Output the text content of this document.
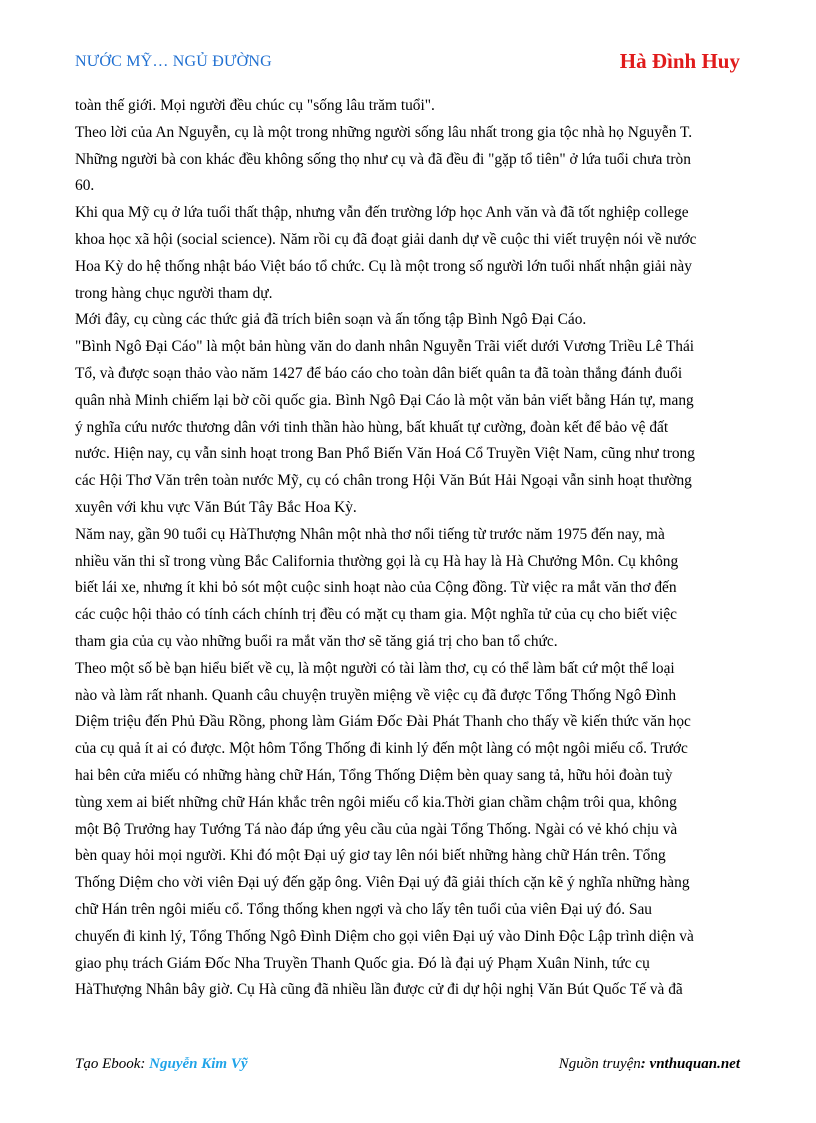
NƯỚC MỸ… NGỦ ĐƯỜNG	Hà Đình Huy
toàn thế giới. Mọi người đều chúc cụ "sống lâu trăm tuổi".
Theo lời của An Nguyễn, cụ là một trong những người sống lâu nhất trong gia tộc nhà họ Nguyễn T.
Những người bà con khác đều không sống thọ như cụ và đã đều đi "gặp tổ tiên" ở lứa tuổi chưa tròn
60.
Khi qua Mỹ cụ ở lứa tuổi thất thập, nhưng vẫn đến trường lớp học Anh văn và đã tốt nghiệp college
khoa học xã hội (social science). Năm rồi cụ đã đoạt giải danh dự về cuộc thi viết truyện nói về nước
Hoa Kỳ do hệ thống nhật báo Việt báo tổ chức. Cụ là một trong số người lớn tuổi nhất nhận giải này
trong hàng chục người tham dự.
Mới đây, cụ cùng các thức giả đã trích biên soạn và ấn tống tập Bình Ngô Đại Cáo.
"Bình Ngô Đại Cáo" là một bản hùng văn do danh nhân Nguyễn Trãi viết dưới Vương Triều Lê Thái
Tổ, và được soạn thảo vào năm 1427 để báo cáo cho toàn dân biết quân ta đã toàn thắng đánh đuổi
quân nhà Minh chiếm lại bờ cõi quốc gia. Bình Ngô Đại Cáo là một văn bản viết bằng Hán tự, mang
ý nghĩa cứu nước thương dân với tinh thần hào hùng, bất khuất tự cường, đoàn kết để bảo vệ đất
nước. Hiện nay, cụ vẫn sinh hoạt trong Ban Phổ Biến Văn Hoá Cổ Truyền Việt Nam, cũng như trong
các Hội Thơ Văn trên toàn nước Mỹ, cụ có chân trong Hội Văn Bút Hải Ngoại vẫn sinh hoạt thường
xuyên với khu vực Văn Bút Tây Bắc Hoa Kỳ.
Năm nay, gần 90 tuổi cụ HàThượng Nhân một nhà thơ nổi tiếng từ trước năm 1975 đến nay, mà
nhiều văn thi sĩ trong vùng Bắc California thường gọi là cụ Hà hay là Hà Chưởng Môn. Cụ không
biết lái xe, nhưng ít khi bỏ sót một cuộc sinh hoạt nào của Cộng đồng. Từ việc ra mắt văn thơ đến
các cuộc hội thảo có tính cách chính trị đều có mặt cụ tham gia. Một nghĩa tử của cụ cho biết việc
tham gia của cụ vào những buổi ra mắt văn thơ sẽ tăng giá trị cho ban tổ chức.
Theo một số bè bạn hiểu biết về cụ, là một người có tài làm thơ, cụ có thể làm bất cứ một thể loại
nào và làm rất nhanh. Quanh câu chuyện truyền miệng về việc cụ đã được Tổng Thống Ngô Đình
Diệm triệu đến Phủ Đầu Rồng, phong làm Giám Đốc Đài Phát Thanh cho thấy về kiến thức văn học
của cụ quả ít ai có được. Một hôm Tổng Thống đi kinh lý đến một làng có một ngôi miếu cổ. Trước
hai bên cửa miếu có những hàng chữ Hán, Tổng Thống Diệm bèn quay sang tả, hữu hỏi đoàn tuỳ
tùng xem ai biết những chữ Hán khắc trên ngôi miếu cổ kia.Thời gian chầm chậm trôi qua, không
một Bộ Trưởng hay Tướng Tá nào đáp ứng yêu cầu của ngài Tổng Thống. Ngài có vẻ khó chịu và
bèn quay hỏi mọi người. Khi đó một Đại uý giơ tay lên nói biết những hàng chữ Hán trên. Tổng
Thống Diệm cho vời viên Đại uý đến gặp ông. Viên Đại uý đã giải thích cặn kẽ ý nghĩa những hàng
chữ Hán trên ngôi miếu cổ. Tổng thống khen ngợi và cho lấy tên tuổi của viên Đại uý đó. Sau
chuyến đi kinh lý, Tổng Thống Ngô Đình Diệm cho gọi viên Đại uý vào Dinh Độc Lập trình diện và
giao phụ trách Giám Đốc Nha Truyền Thanh Quốc gia. Đó là đại uý Phạm Xuân Ninh, tức cụ
HàThượng Nhân bây giờ. Cụ Hà cũng đã nhiều lần được cử đi dự hội nghị Văn Bút Quốc Tế và đã
Tạo Ebook: Nguyễn Kim Vỹ	Nguồn truyện: vnthuquan.net
